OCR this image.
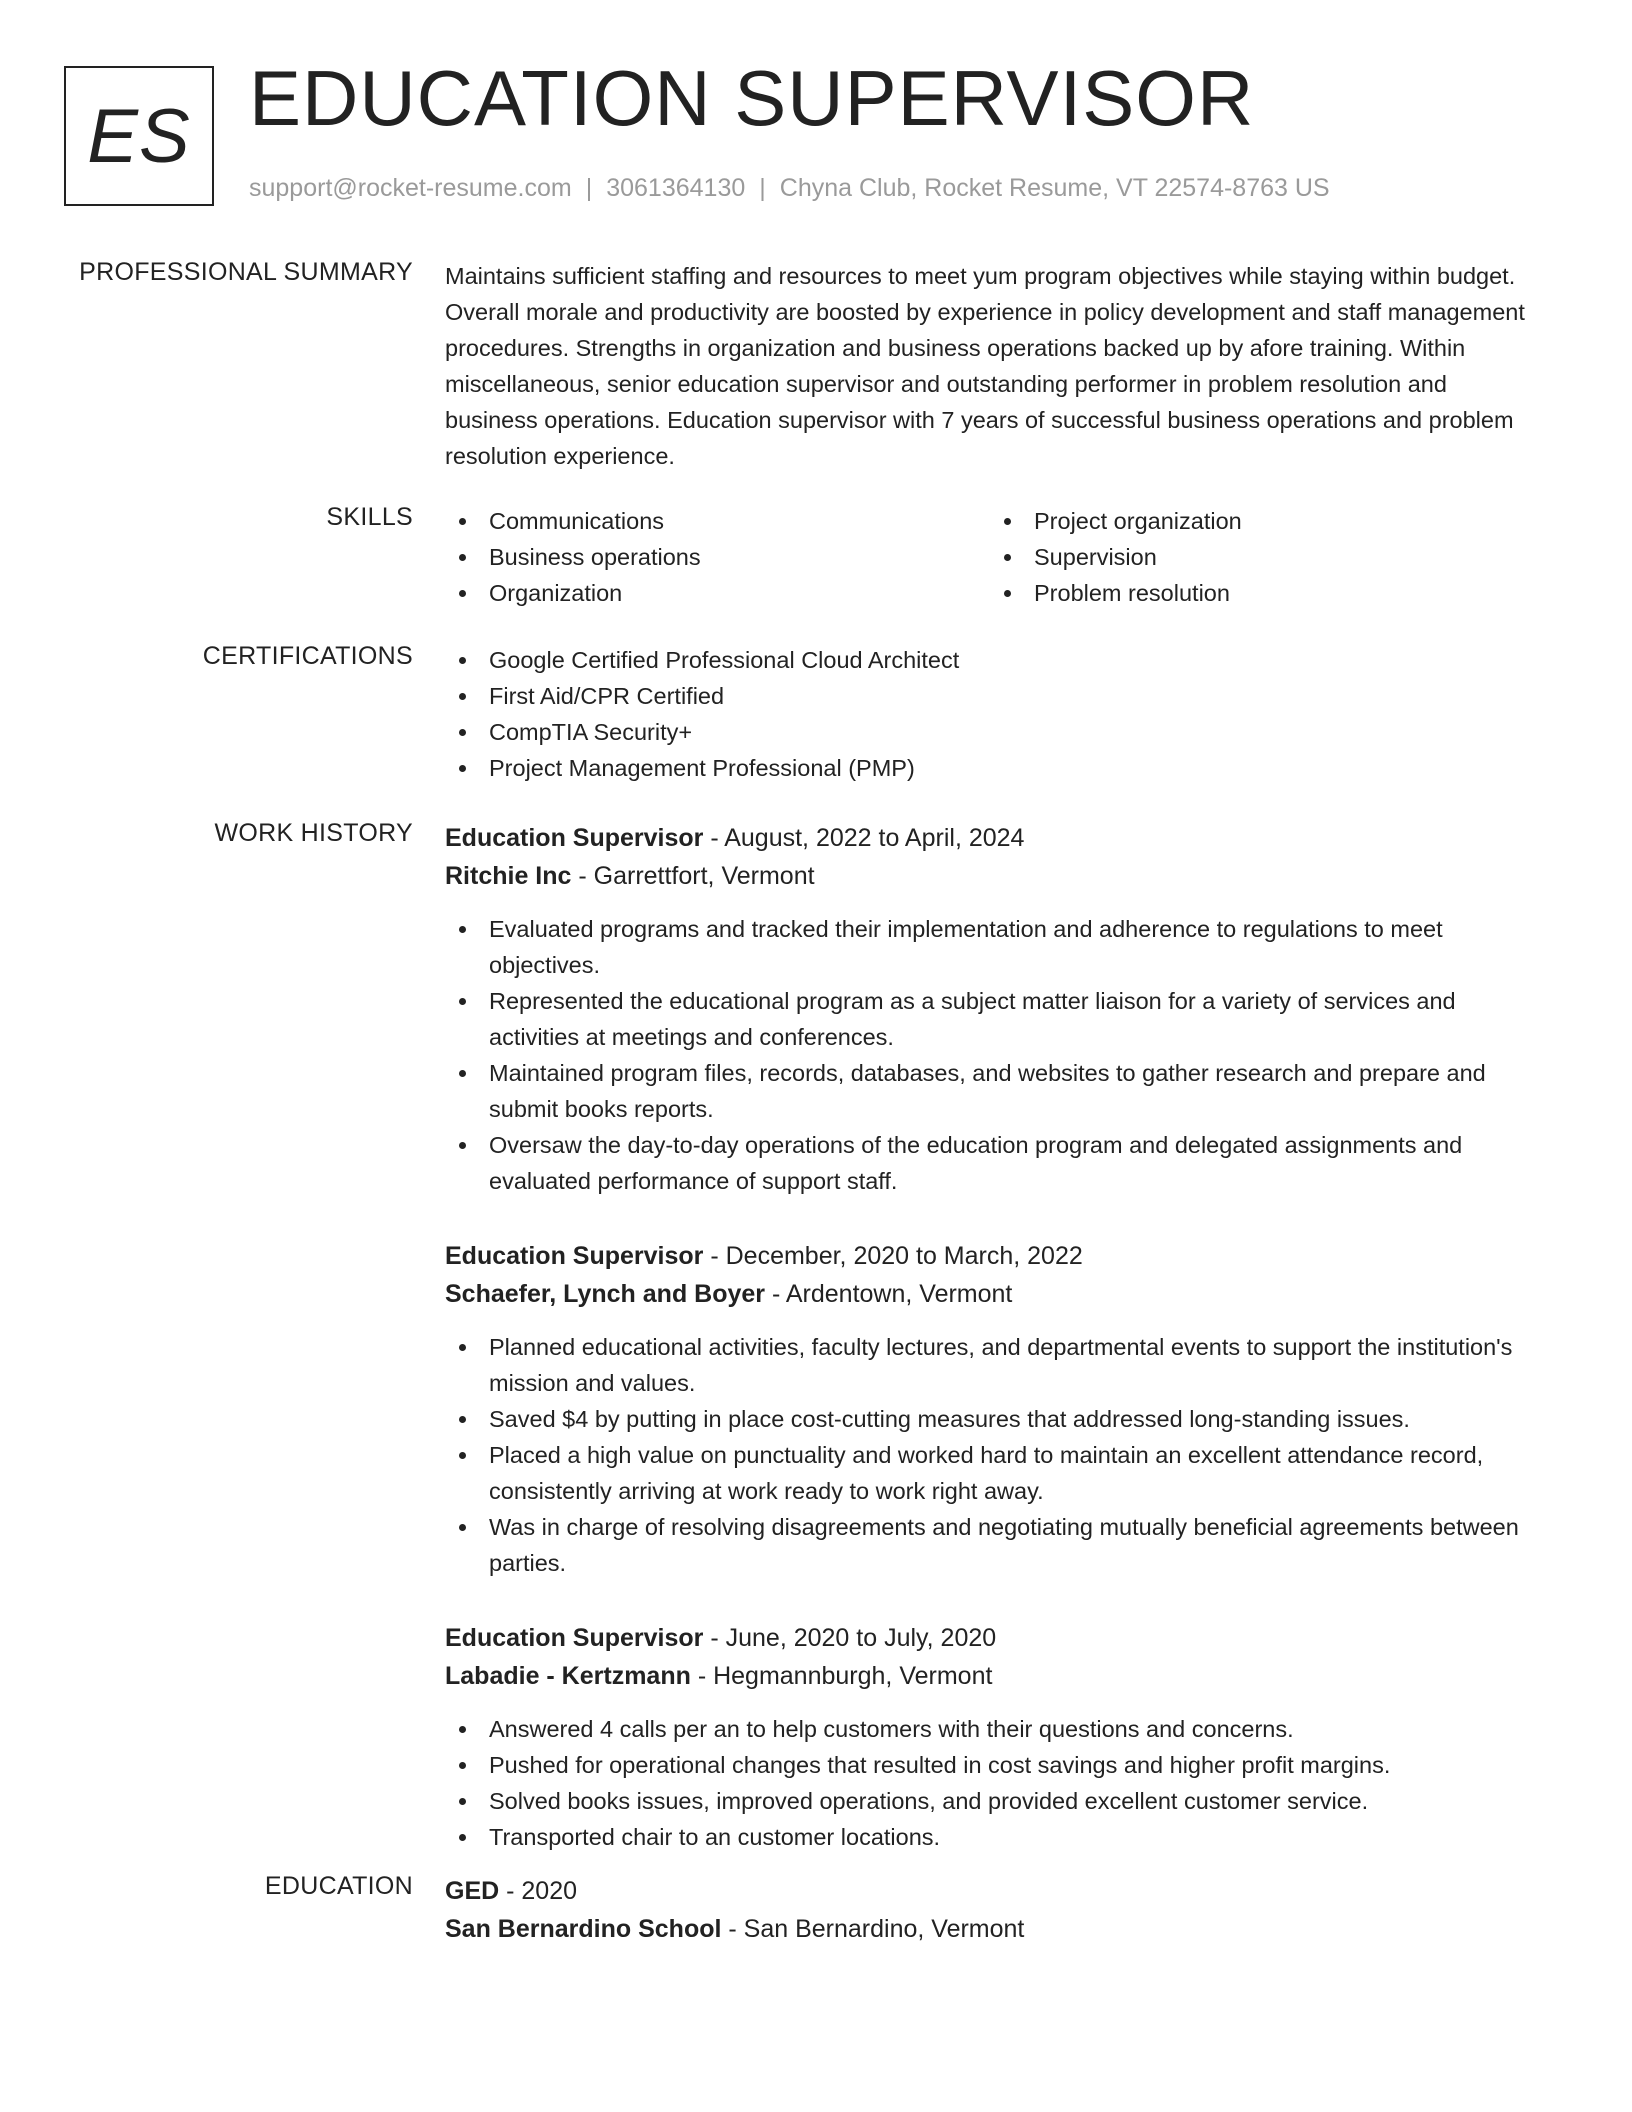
ES EDUCATION SUPERVISOR
support@rocket-resume.com | 3061364130 | Chyna Club, Rocket Resume, VT 22574-8763 US
PROFESSIONAL SUMMARY Maintains sufficient staffing and resources to meet yum program objectives while staying within budget. Overall morale and productivity are boosted by experience in policy development and staff management procedures. Strengths in organization and business operations backed up by afore training. Within miscellaneous, senior education supervisor and outstanding performer in problem resolution and business operations. Education supervisor with 7 years of successful business operations and problem resolution experience.

SKILLS	Communications
Business operations
Organization
Project organization
Supervision
Problem resolution
CERTIFICATIONS	Google Certified Professional Cloud Architect
First Aid/CPR Certified
CompTIA Security+
Project Management Professional (PMP)
WORK HISTORY Education Supervisor - August, 2022 to April, 2024
Ritchie Inc - Garrettfort, Vermont
Evaluated programs and tracked their implementation and adherence to regulations to meet objectives.
Represented the educational program as a subject matter liaison for a variety of services and activities at meetings and conferences.
Maintained program files, records, databases, and websites to gather research and prepare and submit books reports.
Oversaw the day-to-day operations of the education program and delegated assignments and evaluated performance of support staff.
Education Supervisor - December, 2020 to March, 2022
Schaefer, Lynch and Boyer - Ardentown, Vermont
Planned educational activities, faculty lectures, and departmental events to support the institution's mission and values.
Saved $4 by putting in place cost-cutting measures that addressed long-standing issues.
Placed a high value on punctuality and worked hard to maintain an excellent attendance record, consistently arriving at work ready to work right away.
Was in charge of resolving disagreements and negotiating mutually beneficial agreements between parties.
Education Supervisor - June, 2020 to July, 2020
Labadie - Kertzmann - Hegmannburgh, Vermont
Answered 4 calls per an to help customers with their questions and concerns.
Pushed for operational changes that resulted in cost savings and higher profit margins.
Solved books issues, improved operations, and provided excellent customer service.
Transported chair to an customer locations.
EDUCATION GED - 2020
San Bernardino School - San Bernardino, Vermont
